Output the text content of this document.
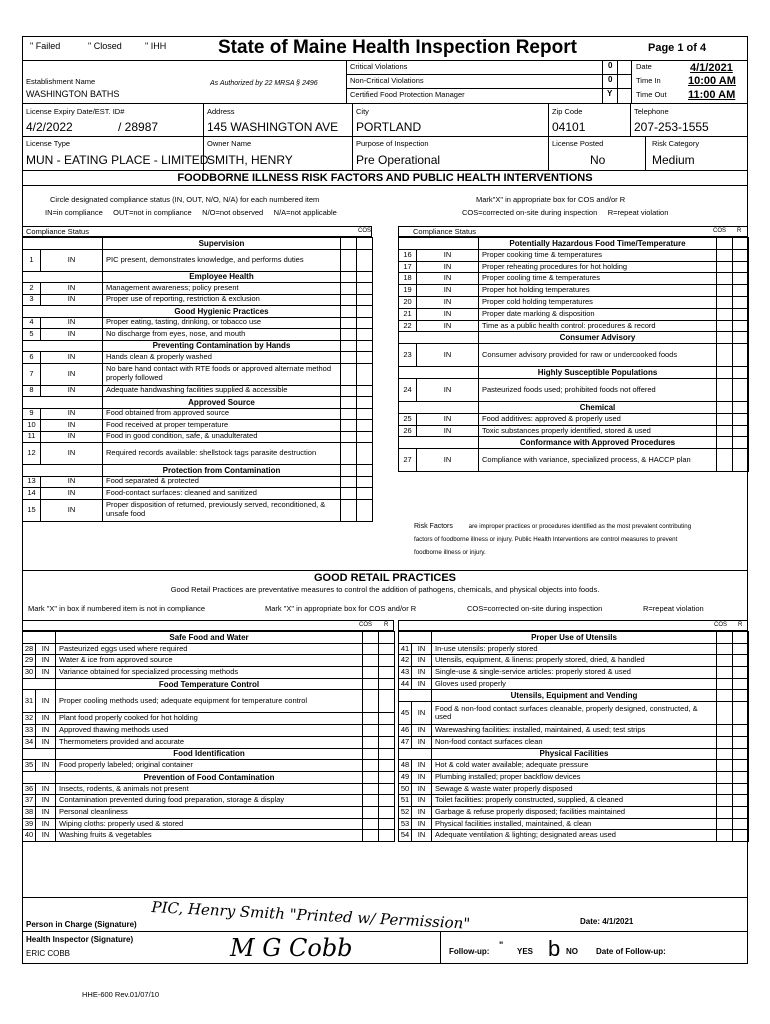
" Failed	" Closed	" IHH	State of Maine Health Inspection Report	Page 1 of 4
Critical Violations	0
Non-Critical Violations	0
Certified Food Protection Manager	Y
Date	4/1/2021
Time In 10:00 AM
Time Out 11:00 AM
Establishment Name
WASHINGTON BATHS
As Authorized by 22 MRSA § 2496
License Expiry Date/EST. ID#
4/2/2022	/ 28987
Address
145 WASHINGTON AVE
City
PORTLAND
Zip Code
04101
Telephone
207-253-1555
License Type
MUN - EATING PLACE - LIMITED
Owner Name
SMITH, HENRY
Purpose of Inspection
Pre Operational
License Posted
No
Risk Category
Medium
FOODBORNE ILLNESS RISK FACTORS AND PUBLIC HEALTH INTERVENTIONS
Circle designated compliance status (IN, OUT, N/O, N/A) for each numbered item	Mark"X" in appropriate box for COS and/or R
IN=in compliance     OUT=not in compliance     N/O=not observed     N/A=not applicable	COS=corrected on-site during inspection     R=repeat violation
Compliance Status	COS	Compliance Status	COS R
		Supervision		
1	IN	PIC present, demonstrates knowledge, and performs duties		
		Employee Health		
2	IN	Management awareness; policy present		
3	IN	Proper use of reporting, restriction & exclusion		
		Good Hygienic Practices		
4	IN	Proper eating, tasting, drinking, or tobacco use		
5	IN	No discharge from eyes, nose, and mouth		
		Preventing Contamination by Hands		
6	IN	Hands clean & properly washed		
7	IN	No bare hand contact with RTE foods or approved alternate method properly followed		
8	IN	Adequate handwashing facilities supplied & accessible		
		Approved Source		
9	IN	Food obtained from approved source		
10	IN	Food received at proper temperature		
11	IN	Food in good condition, safe, & unadulterated		
12	IN	Required records available: shellstock tags parasite destruction		
		Protection from Contamination		
13	IN	Food separated & protected		
14	IN	Food-contact surfaces: cleaned and sanitized		
15	IN	Proper disposition of returned, previously served, reconditioned, & unsafe food		
		Potentially Hazardous Food Time/Temperature		
16	IN	Proper cooking time & temperatures		
17	IN	Proper reheating procedures for hot holding		
18	IN	Proper cooling time & temperatures		
19	IN	Proper hot holding temperatures		
20	IN	Proper cold holding temperatures		
21	IN	Proper date marking & disposition		
22	IN	Time as a public health control: procedures & record		
		Consumer Advisory		
23	IN	Consumer advisory provided for raw or undercooked foods		
		Highly Susceptible Populations		
24	IN	Pasteurized foods used; prohibited foods not offered		
		Chemical		
25	IN	Food additives: approved & properly used		
26	IN	Toxic substances properly identified, stored & used		
		Conformance with Approved Procedures		
27	IN	Compliance with variance, specialized process, & HACCP plan		
Risk Factors	are improper practices or procedures identified as the most prevalent contributing factors of foodborne illness or injury. Public Health Interventions are control measures to prevent foodborne illness or injury.
GOOD RETAIL PRACTICES
Good Retail Practices are preventative measures to control the addition of pathogens, chemicals, and physical objects into foods.
Mark "X" in box if numbered item is not in compliance	Mark "X" in appropriate box for COS and/or R	COS=corrected on-site during inspection	R=repeat violation
COS R	COS R
		Safe Food and Water		
28	IN	Pasteurized eggs used where required		
29	IN	Water & ice from approved source		
30	IN	Variance obtained for specialized processing methods		
		Food Temperature Control		
31	IN	Proper cooling methods used; adequate equipment for temperature control		
32	IN	Plant food properly cooked for hot holding		
33	IN	Approved thawing methods used		
34	IN	Thermometers provided and accurate		
		Food Identification		
35	IN	Food properly labeled; original container		
		Prevention of Food Contamination		
36	IN	Insects, rodents, & animals not present		
37	IN	Contamination prevented during food preparation, storage & display		
38	IN	Personal cleanliness		
39	IN	Wiping cloths: properly used & stored		
40	IN	Washing fruits & vegetables		
		Proper Use of Utensils		
41	IN	In-use utensils: properly stored		
42	IN	Utensils, equipment, & linens: properly stored, dried, & handled		
43	IN	Single-use & single-service articles: properly stored & used		
44	IN	Gloves used properly		
		Utensils, Equipment and Vending		
45	IN	Food & non-food contact surfaces cleanable, properly designed, constructed, & used		
46	IN	Warewashing facilities: installed, maintained, & used; test strips		
47	IN	Non-food contact surfaces clean		
		Physical Facilities		
48	IN	Hot & cold water available; adequate pressure		
49	IN	Plumbing installed; proper backflow devices		
50	IN	Sewage & waste water properly disposed		
51	IN	Toilet facilities: properly constructed, supplied, & cleaned		
52	IN	Garbage & refuse properly disposed; facilities maintained		
53	IN	Physical facilities installed, maintained, & clean		
54	IN	Adequate ventilation & lighting; designated areas used		
Person in Charge (Signature) PIC, Henry Smith "Printed w/ Permission"	Date: 4/1/2021
Health Inspector (Signature)
ERIC COBB	M G Cobb	Follow-up:
"
YES b NO Date of Follow-up:
HHE-600 Rev.01/07/10
